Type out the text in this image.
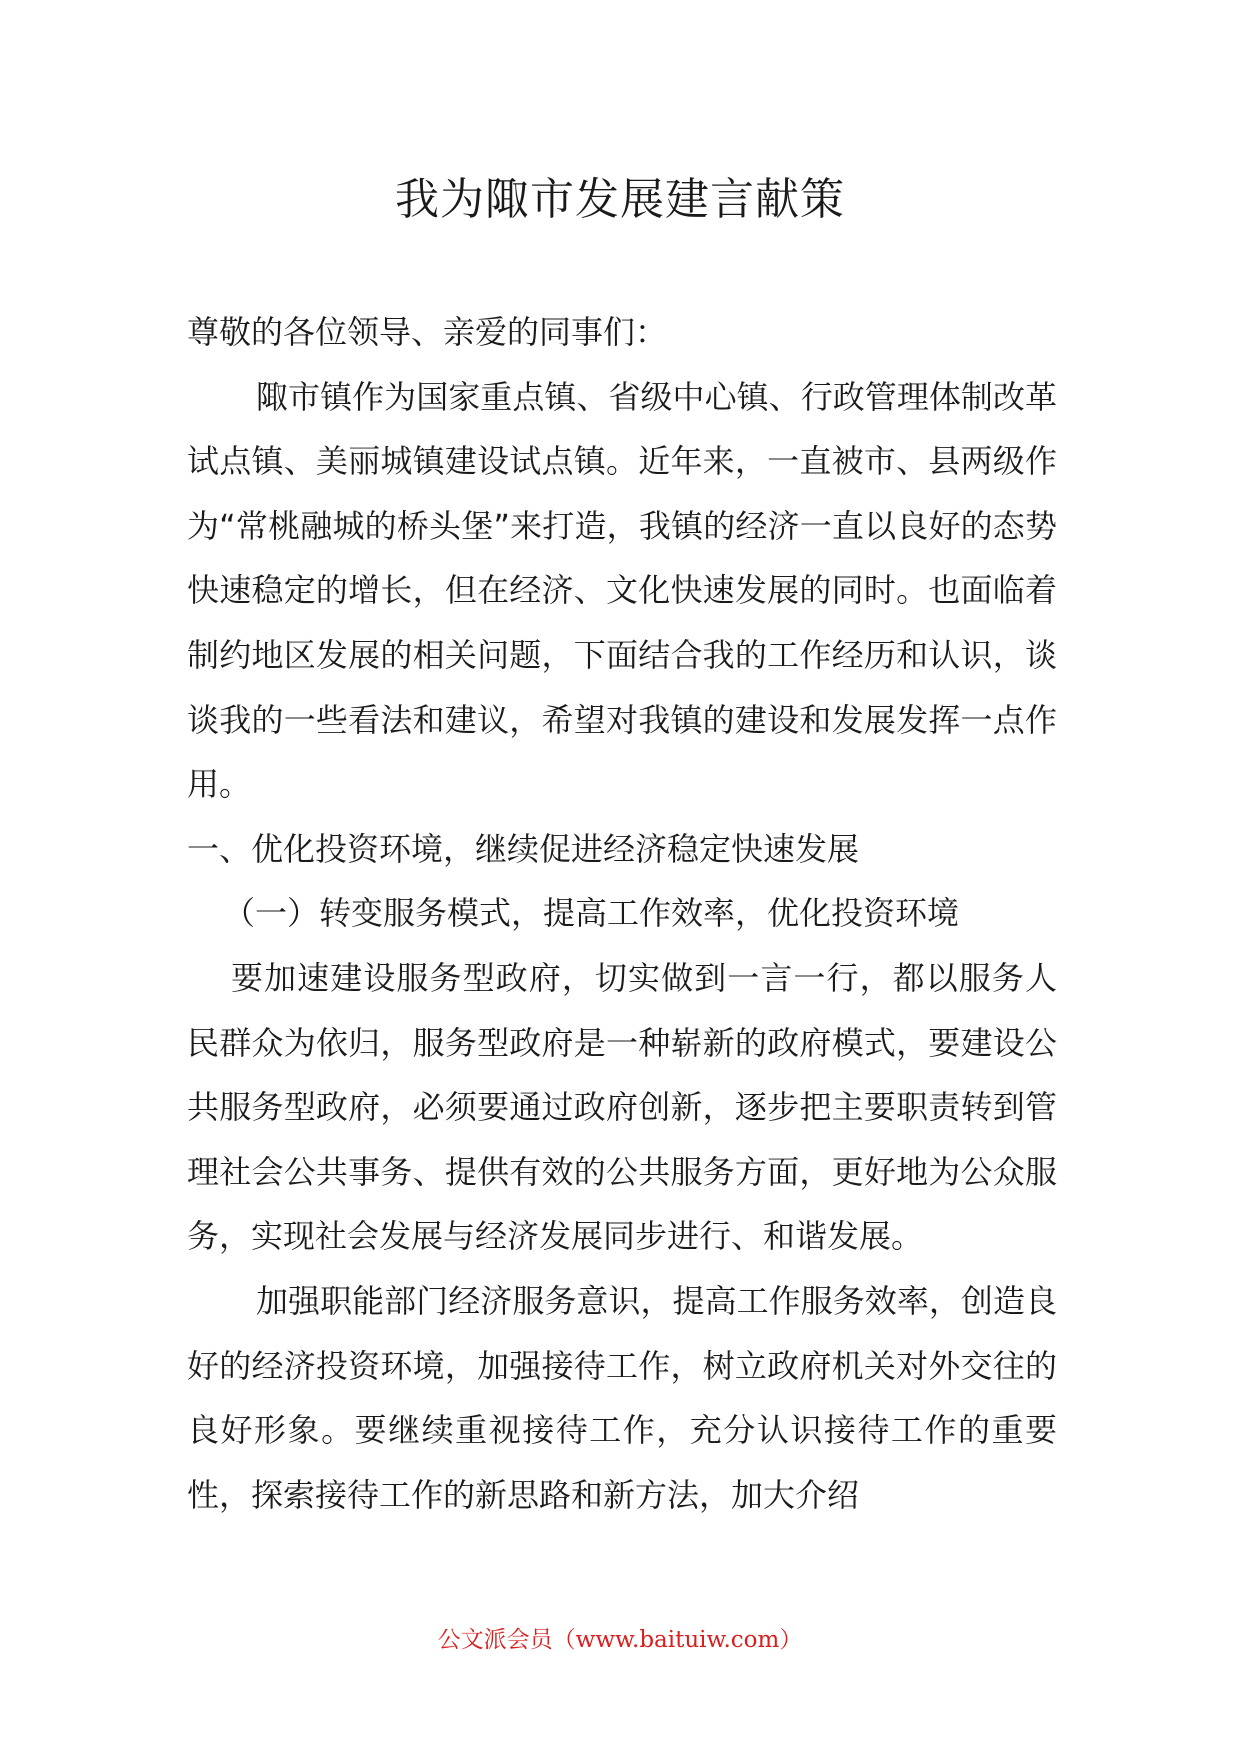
我为陬市发展建言献策

尊敬的各位领导、亲爱的同事们：

陬市镇作为国家重点镇、省级中心镇、行政管理体制改革试点镇、美丽城镇建设试点镇。近年来，一直被市、县两级作为“常桃融城的桥头堡”来打造，我镇的经济一直以良好的态势快速稳定的增长，但在经济、文化快速发展的同时。也面临着制约地区发展的相关问题，下面结合我的工作经历和认识，谈谈我的一些看法和建议，希望对我镇的建设和发展发挥一点作用。

一、优化投资环境，继续促进经济稳定快速发展

（一）转变服务模式，提高工作效率，优化投资环境

要加速建设服务型政府，切实做到一言一行，都以服务人民群众为依归，服务型政府是一种崭新的政府模式，要建设公共服务型政府，必须要通过政府创新，逐步把主要职责转到管理社会公共事务、提供有效的公共服务方面，更好地为公众服务，实现社会发展与经济发展同步进行、和谐发展。

加强职能部门经济服务意识，提高工作服务效率，创造良好的经济投资环境，加强接待工作，树立政府机关对外交往的良好形象。要继续重视接待工作，充分认识接待工作的重要性，探索接待工作的新思路和新方法，加大介绍

公文派会员（www.baituiw.com）
